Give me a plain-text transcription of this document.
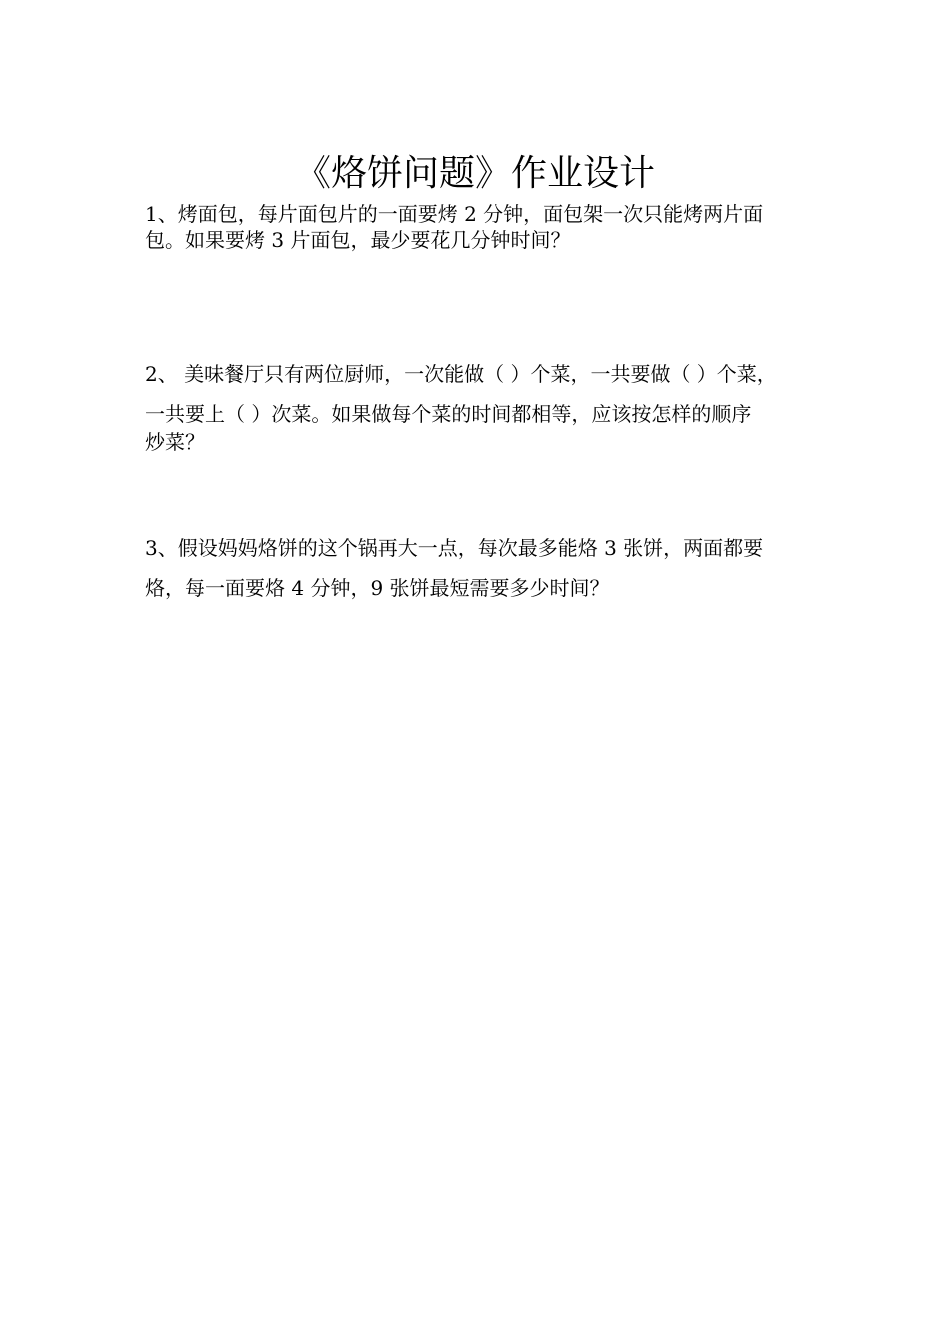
《烙饼问题》作业设计
1、烤面包，每片面包片的一面要烤 2 分钟，面包架一次只能烤两片面
包。如果要烤 3 片面包，最少要花几分钟时间？
2、 美味餐厅只有两位厨师，一次能做（ ）个菜，一共要做（ ）个菜，
一共要上（ ）次菜。如果做每个菜的时间都相等，应该按怎样的顺序
炒菜？
3、假设妈妈烙饼的这个锅再大一点，每次最多能烙 3 张饼，两面都要
烙，每一面要烙 4 分钟，9 张饼最短需要多少时间？
